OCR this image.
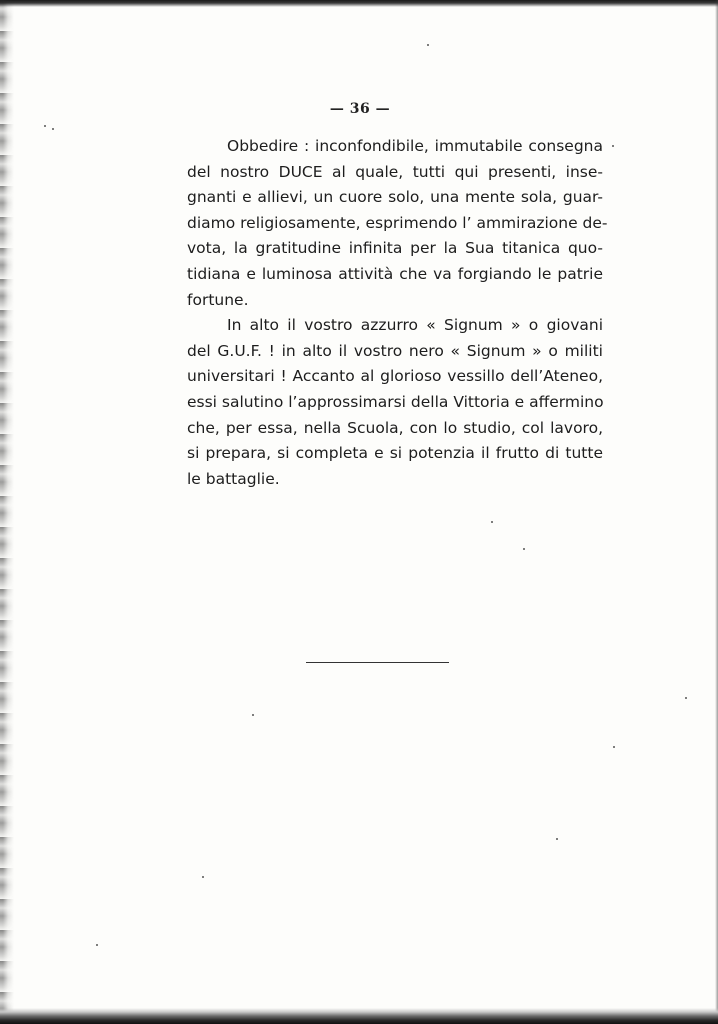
— 36 —
Obbedire : inconfondibile, immutabile consegna
del nostro DUCE al quale, tutti qui presenti, inse-
gnanti e allievi, un cuore solo, una mente sola, guar-
diamo religiosamente, esprimendo l’ ammirazione de-
vota, la gratitudine infinita per la Sua titanica quo-
tidiana e luminosa attività che va forgiando le patrie
fortune.
In alto il vostro azzurro « Signum » o giovani
del G.U.F. ! in alto il vostro nero « Signum » o militi
universitari ! Accanto al glorioso vessillo dell’Ateneo,
essi salutino l’approssimarsi della Vittoria e affermino
che, per essa, nella Scuola, con lo studio, col lavoro,
si prepara, si completa e si potenzia il frutto di tutte
le battaglie.
